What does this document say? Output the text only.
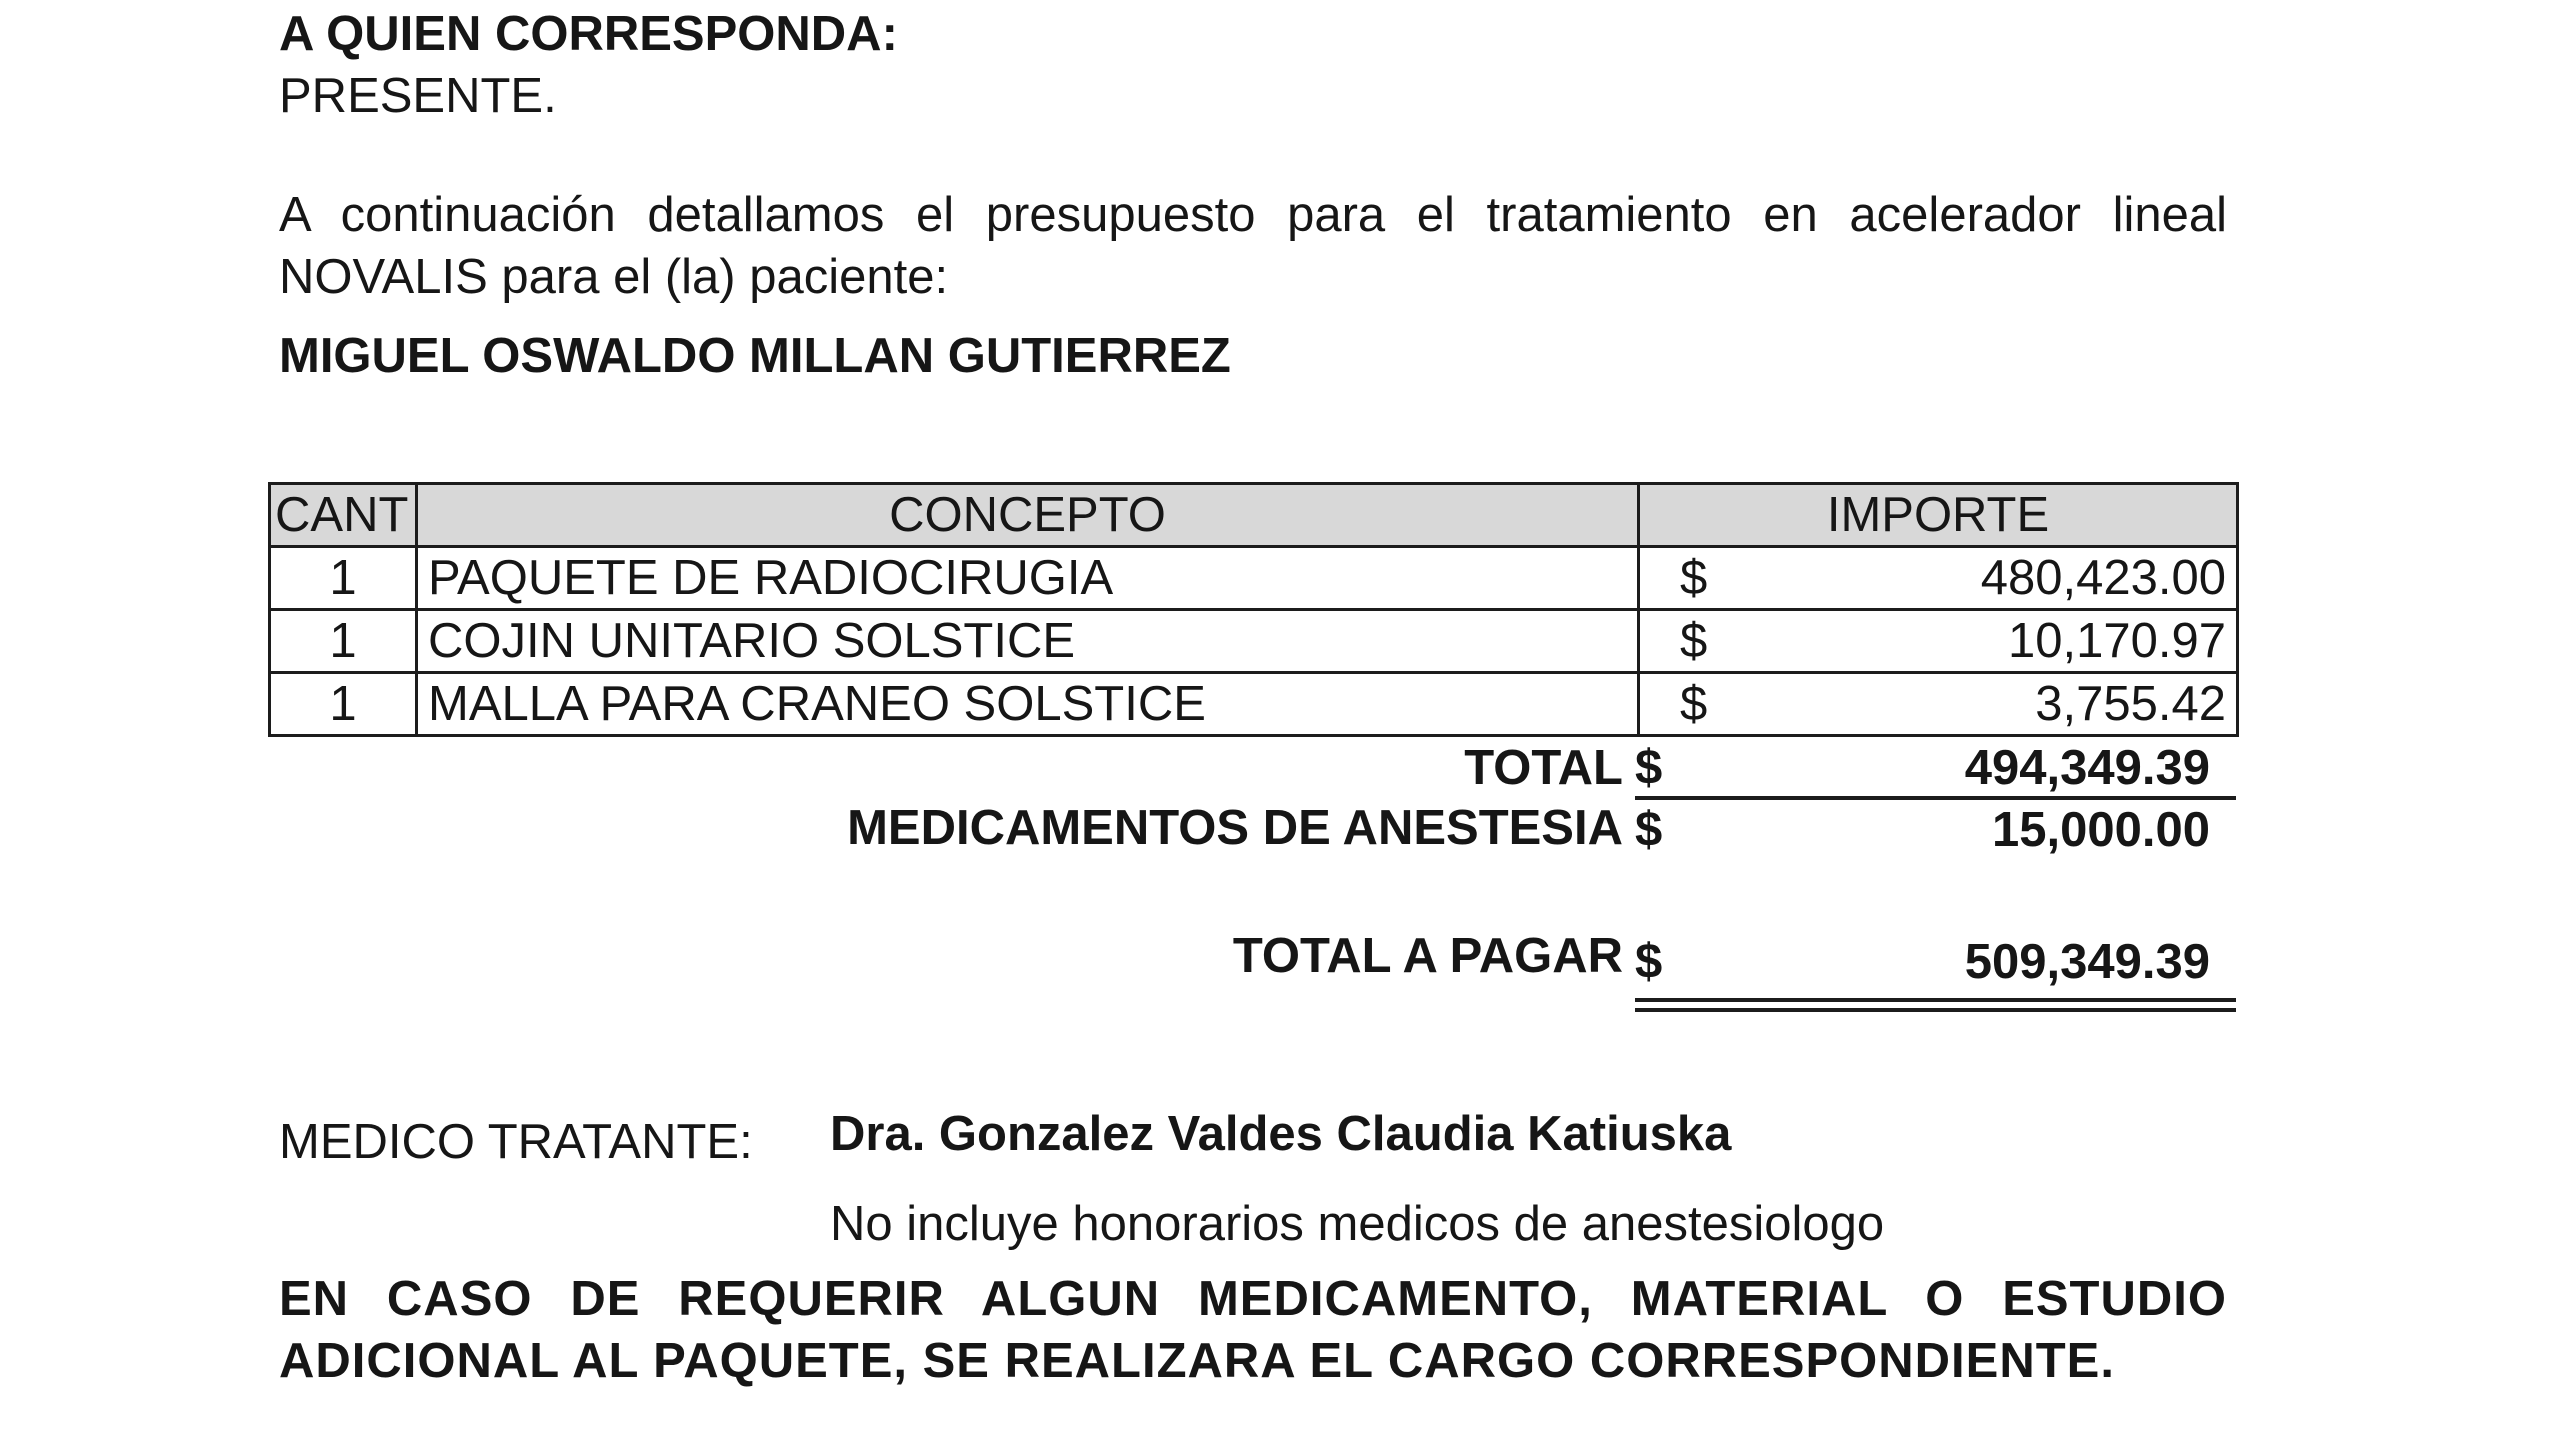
A QUIEN CORRESPONDA:
PRESENTE.
A continuación detallamos el presupuesto para el tratamiento en acelerador lineal NOVALIS para el (la) paciente:
MIGUEL OSWALDO MILLAN GUTIERREZ
CANT	CONCEPTO	IMPORTE
1	PAQUETE DE RADIOCIRUGIA	$ 480,423.00

1	COJIN UNITARIO SOLSTICE	$ 10,170.97

1	MALLA PARA CRANEO SOLSTICE	$ 3,755.42
TOTAL $	494,349.39
MEDICAMENTOS DE ANESTESIA $	15,000.00
TOTAL A PAGAR $	509,349.39
MEDICO TRATANTE: Dra. Gonzalez Valdes Claudia Katiuska
No incluye honorarios medicos de anestesiologo
EN CASO DE REQUERIR ALGUN MEDICAMENTO, MATERIAL O ESTUDIO ADICIONAL AL PAQUETE, SE REALIZARA EL CARGO CORRESPONDIENTE.
